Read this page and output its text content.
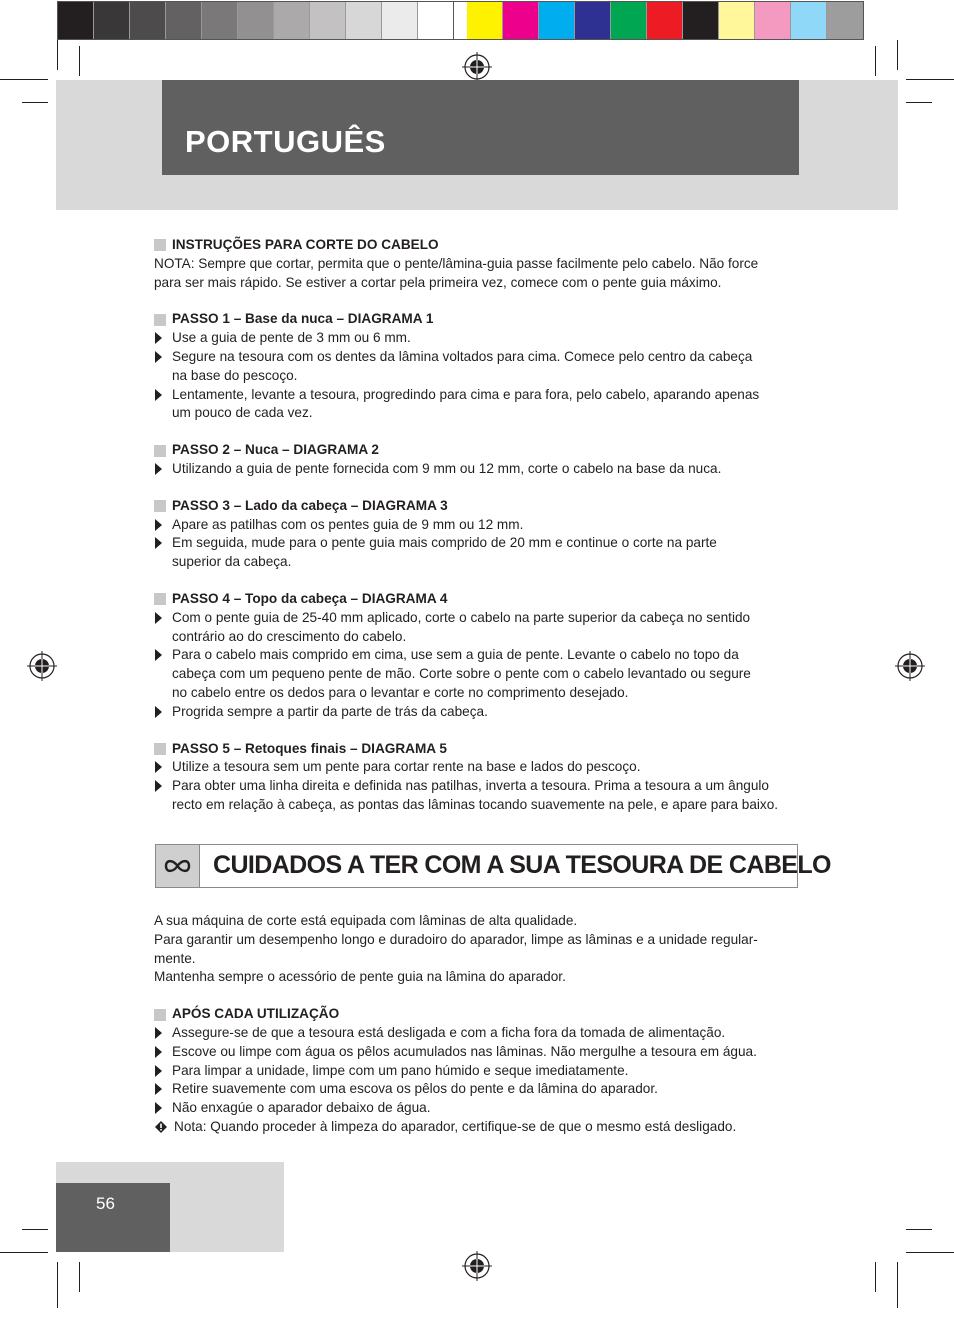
PORTUGUÊS

INSTRUÇÕES PARA CORTE DO CABELO

NOTA: Sempre que cortar, permita que o pente/lâmina-guia passe facilmente pelo cabelo. Não force

para ser mais rápido. Se estiver a cortar pela primeira vez, comece com o pente guia máximo.

PASSO 1 – Base da nuca – DIAGRAMA 1

Use a guia de pente de 3 mm ou 6 mm.
Segure na tesoura com os dentes da lâmina voltados para cima. Comece pelo centro da cabeça
na base do pescoço.
Lentamente, levante a tesoura, progredindo para cima e para fora, pelo cabelo, aparando apenas
um pouco de cada vez.

PASSO 2 – Nuca – DIAGRAMA 2

Utilizando a guia de pente fornecida com 9 mm ou 12 mm, corte o cabelo na base da nuca.

PASSO 3 – Lado da cabeça – DIAGRAMA 3

Apare as patilhas com os pentes guia de 9 mm ou 12 mm.
Em seguida, mude para o pente guia mais comprido de 20 mm e continue o corte na parte
superior da cabeça.

PASSO 4 – Topo da cabeça – DIAGRAMA 4

Com o pente guia de 25-40 mm aplicado, corte o cabelo na parte superior da cabeça no sentido
contrário ao do crescimento do cabelo.
Para o cabelo mais comprido em cima, use sem a guia de pente. Levante o cabelo no topo da
cabeça com um pequeno pente de mão. Corte sobre o pente com o cabelo levantado ou segure
no cabelo entre os dedos para o levantar e corte no comprimento desejado.
Progrida sempre a partir da parte de trás da cabeça.

PASSO 5 – Retoques finais – DIAGRAMA 5

Utilize a tesoura sem um pente para cortar rente na base e lados do pescoço.
Para obter uma linha direita e definida nas patilhas, inverta a tesoura. Prima a tesoura a um ângulo
recto em relação à cabeça, as pontas das lâminas tocando suavemente na pele, e apare para baixo.
CUIDADOS A TER COM A SUA TESOURA DE CABELO

A sua máquina de corte está equipada com lâminas de alta qualidade.

Para garantir um desempenho longo e duradoiro do aparador, limpe as lâminas e a unidade regular-

mente.

Mantenha sempre o acessório de pente guia na lâmina do aparador.

APÓS CADA UTILIZAÇÃO

Assegure-se de que a tesoura está desligada e com a ficha fora da tomada de alimentação.
Escove ou limpe com água os pêlos acumulados nas lâminas. Não mergulhe a tesoura em água.
Para limpar a unidade, limpe com um pano húmido e seque imediatamente.
Retire suavemente com uma escova os pêlos do pente e da lâmina do aparador.
Não enxagúe o aparador debaixo de água.
Nota: Quando proceder à limpeza do aparador, certifique-se de que o mesmo está desligado.
56
